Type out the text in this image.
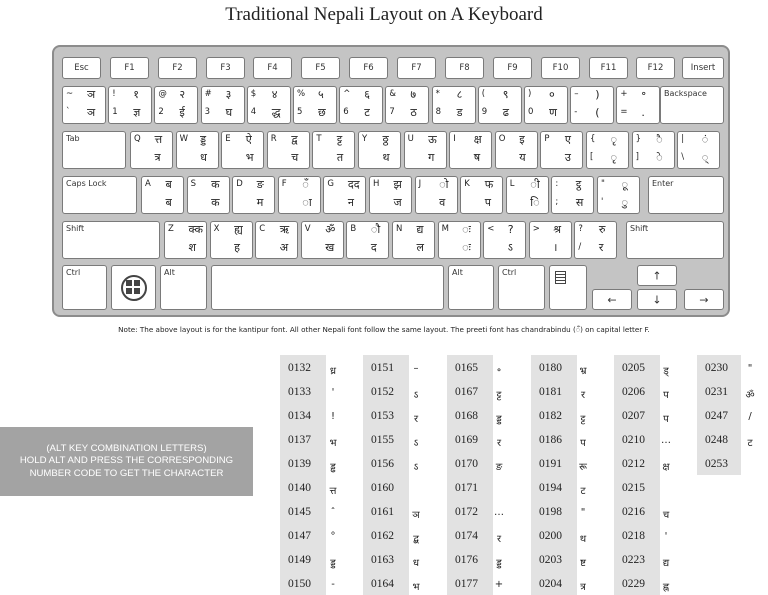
Traditional Nepali Layout on A Keyboard
Esc	F1	F2	F3	F4	F5	F6	F7	F8	F9	F10	F11	F12	Insert
~ ञ
` ञ
! १
1 ज्ञ
@ २
2 ई
# ३
3 घ
$ ४
4 द्ध
% ५
5 छ
^ ६
6 ट
& ७
7 ठ
* ८
8 ड
( ९
9 ढ
) ०
0 ण
– )
- (
+ ॰
= .
Backspace
Tab	Q त्त
त्र
W ड्ड
ध
E ऐ
भ
R द्व
च
T ट्ट
त
Y ठ्ठ
थ
U ऊ
ग
I क्ष
ष
O इ
य
P ए
उ
{ ृ
[ ृ
} ै
] े
| ं
\ ्
Caps Lock	A ब
ब
S क
क
D ङ
म
F ँ
ा
G दद
न
H झ
ज
J ो
व
K फ
प
L ी
ि
: ट्ठ
; स
" ू
' ु
Enter
Shift	Z क्क
श
X ह्य
ह
C ऋ
अ
V ॐ
ख
B ौ
द
N द्य
ल
M ः
ः
< ?
ऽ
> श्र
।
? रु
/ र
Shift
Ctrl	Alt	Alt	Ctrl	↑
←	↓	→
Note: The above layout is for the kantipur font. All other Nepali font follow the same layout. The preeti font has chandrabindu (ँ) on capital letter F.
(ALT KEY COMBINATION LETTERS)
HOLD ALT AND PRESS THE CORRESPONDING
NUMBER CODE TO GET THE CHARACTER
0132	ध्र	0151	–	0165	॰	0180	भ्र	0205	ड्	0230	"
0133	'	0152	ऽ	0167	ट्ट	0181	र	0206	प	0231	ॐ
0134	!	0153	र	0168	ड्ड	0182	ट्ट	0207	प	0247	/
0137	भ	0155	ऽ	0169	र	0186	प	0210	…	0248	ट
0139	ड्ढ	0156	ऽ	0170	ङ	0191	रू	0212	क्ष	0253
0140	त्त	0160	0171	0194	ट	0215
0145	ˆ	0161	ञ	0172	…	0198	"	0216	च
0147	°	0162	द्ब	0174	र	0200	थ	0218	'
0149	ड्ड	0163	ध	0176	ड्ड	0203	ष्ट	0223	द्य
0150	-	0164	भ	0177	+	0204	त्र	0229	ह्न
